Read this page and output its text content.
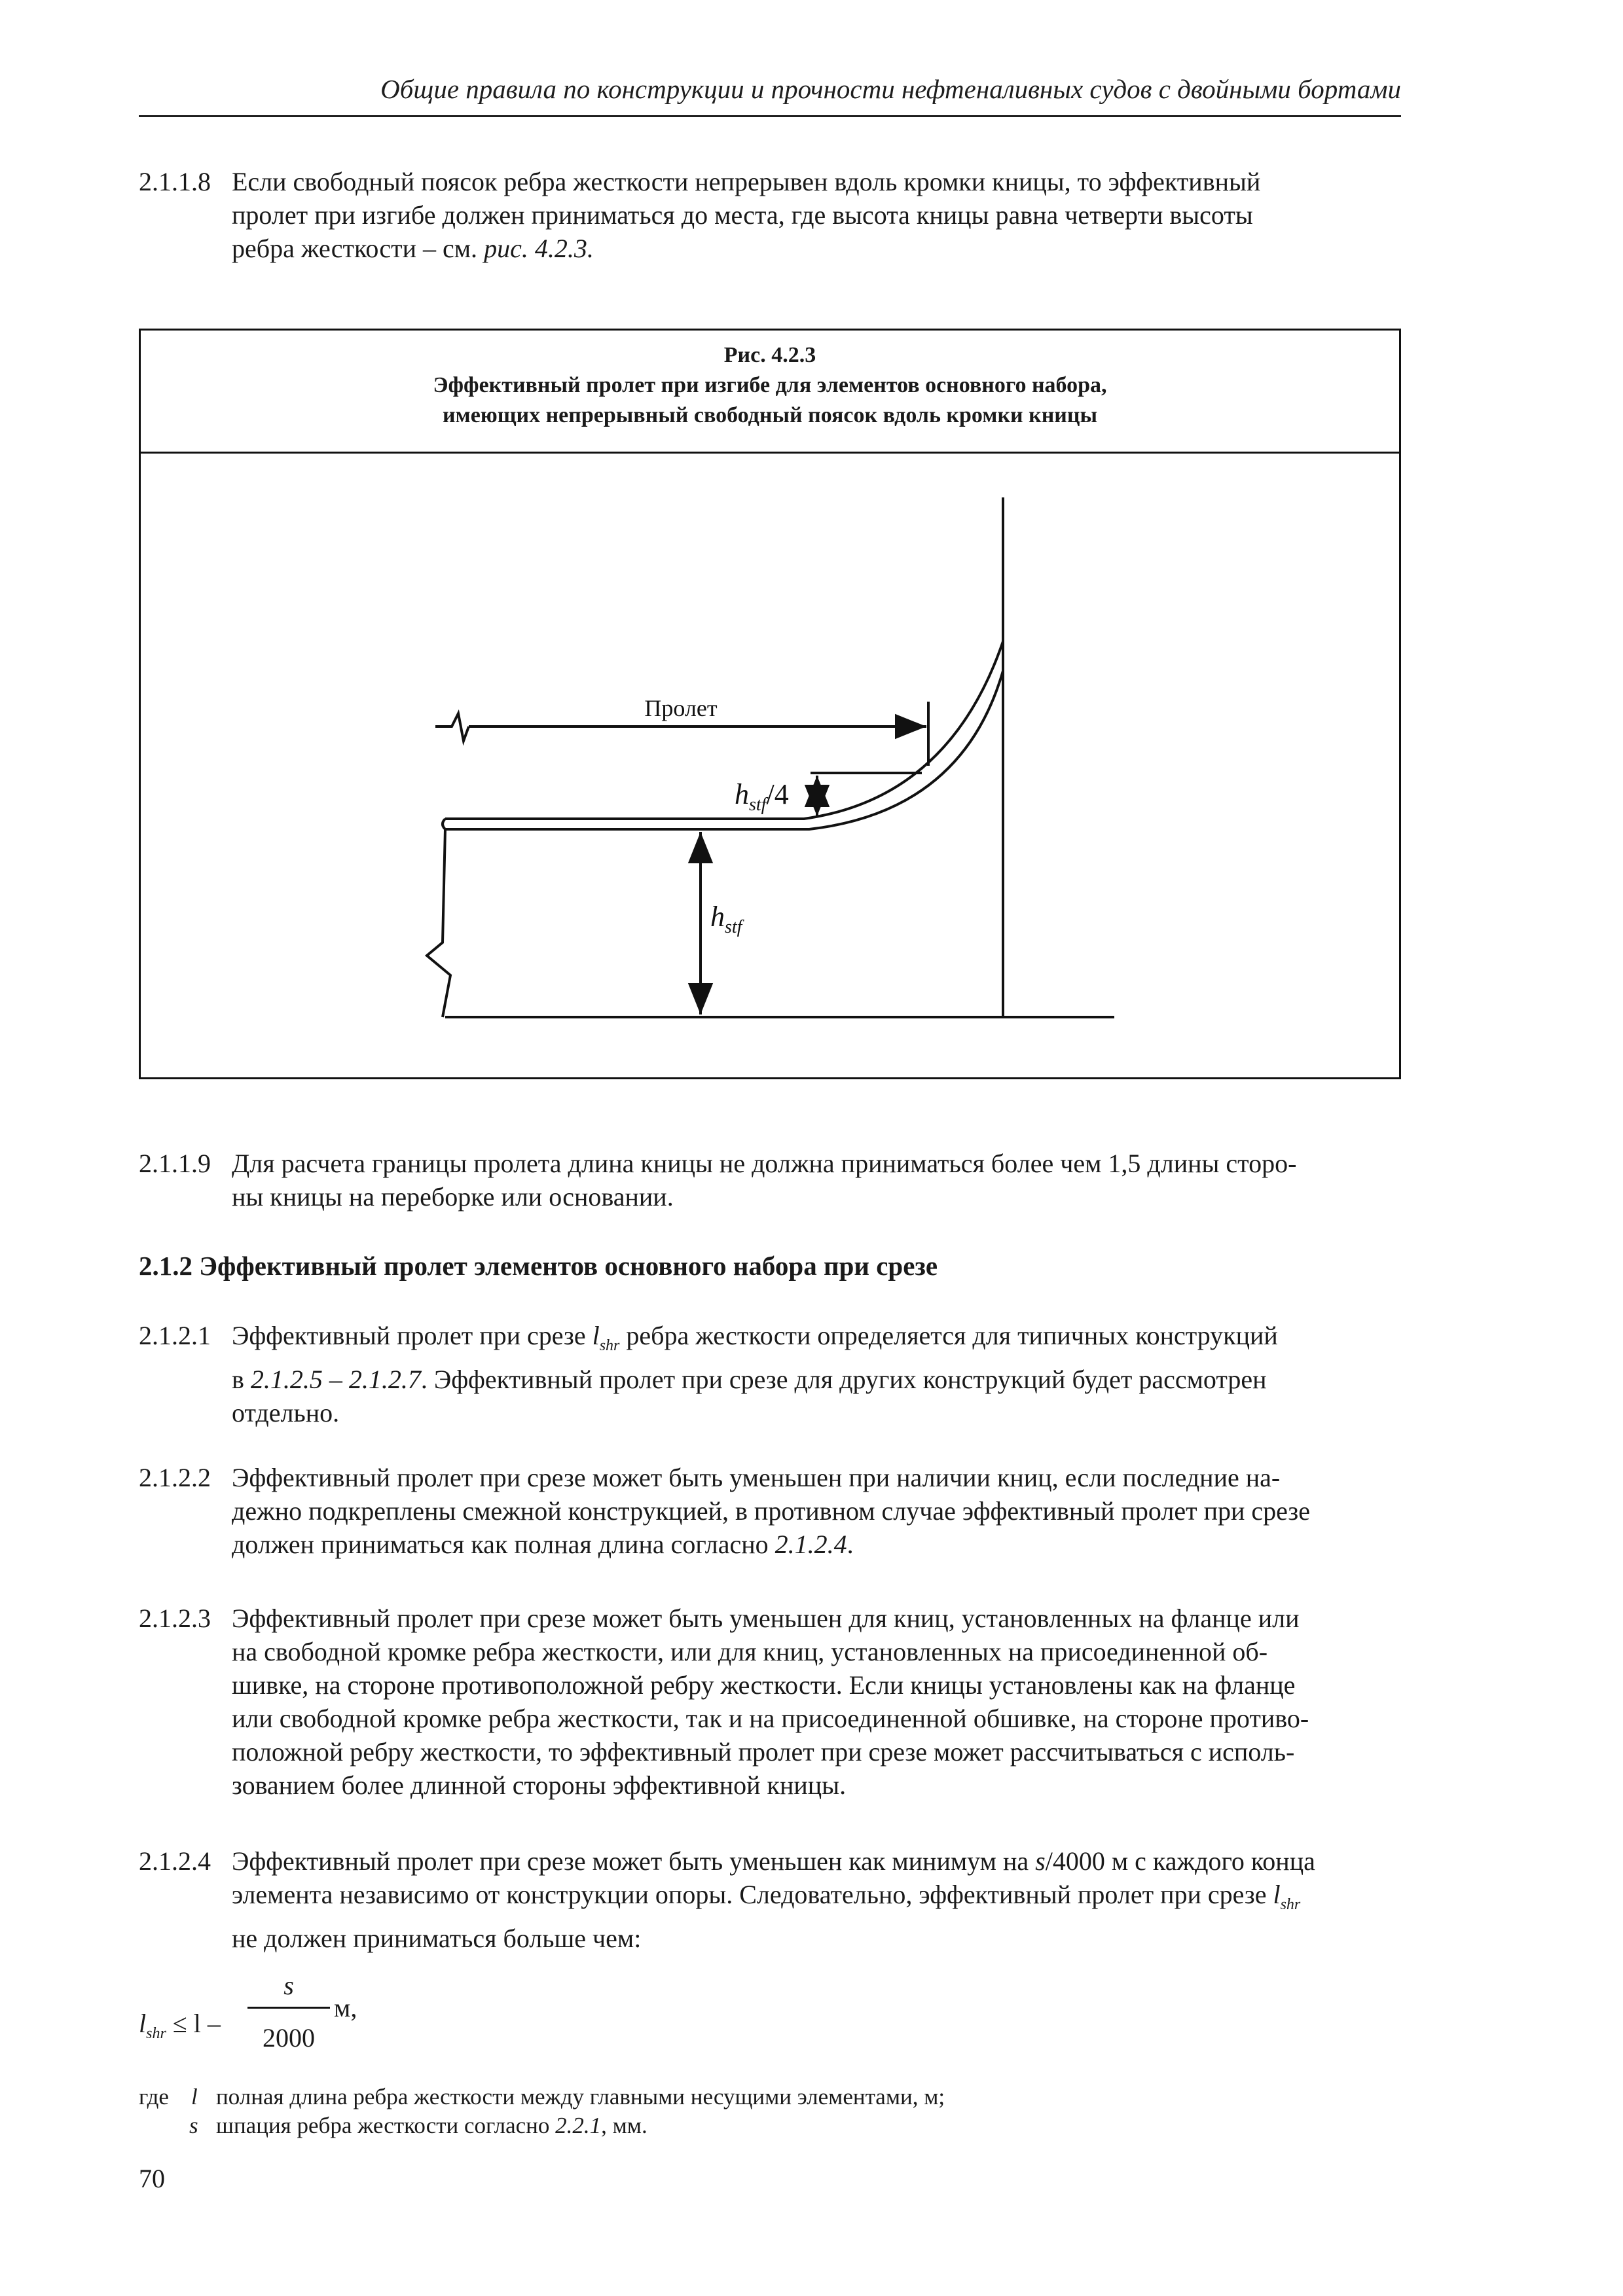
Общие правила по конструкции и прочности нефтеналивных судов с двойными бортами
2.1.1.8 Если свободный поясок ребра жесткости непрерывен вдоль кромки кницы, то эффективный
пролет при изгибе должен приниматься до места, где высота кницы равна четверти высоты
ребра жесткости – см. рис. 4.2.3.
Рис. 4.2.3
Эффективный пролет при изгибе для элементов основного набора,
имеющих непрерывный свободный поясок вдоль кромки кницы
Пролет
$h_{stf}/4$
$h_{stf}$
2.1.1.9 Для расчета границы пролета длина кницы не должна приниматься более чем 1,5 длины сторо-
ны кницы на переборке или основании.
2.1.2 Эффективный пролет элементов основного набора при срезе
2.1.2.1 Эффективный пролет при срезе $l_{shr}$ ребра жесткости определяется для типичных конструкций
в 2.1.2.5 – 2.1.2.7. Эффективный пролет при срезе для других конструкций будет рассмотрен
отдельно.
2.1.2.2 Эффективный пролет при срезе может быть уменьшен при наличии книц, если последние на-
дежно подкреплены смежной конструкцией, в противном случае эффективный пролет при срезе
должен приниматься как полная длина согласно 2.1.2.4.
2.1.2.3 Эффективный пролет при срезе может быть уменьшен для книц, установленных на фланце или
на свободной кромке ребра жесткости, или для книц, установленных на присоединенной об-
шивке, на стороне противоположной ребру жесткости. Если кницы установлены как на фланце
или свободной кромке ребра жесткости, так и на присоединенной обшивке, на стороне противо-
положной ребру жесткости, то эффективный пролет при срезе может рассчитываться с исполь-
зованием более длинной стороны эффективной кницы.
2.1.2.4 Эффективный пролет при срезе может быть уменьшен как минимум на s/4000 м с каждого конца
элемента независимо от конструкции опоры. Следовательно, эффективный пролет при срезе $l_{shr}$
не должен приниматься больше чем:
$l_{shr} \le l$ –
s
2000
м,
где l полная длина ребра жесткости между главными несущими элементами, м;
s шпация ребра жесткости согласно 2.2.1, мм.
70
